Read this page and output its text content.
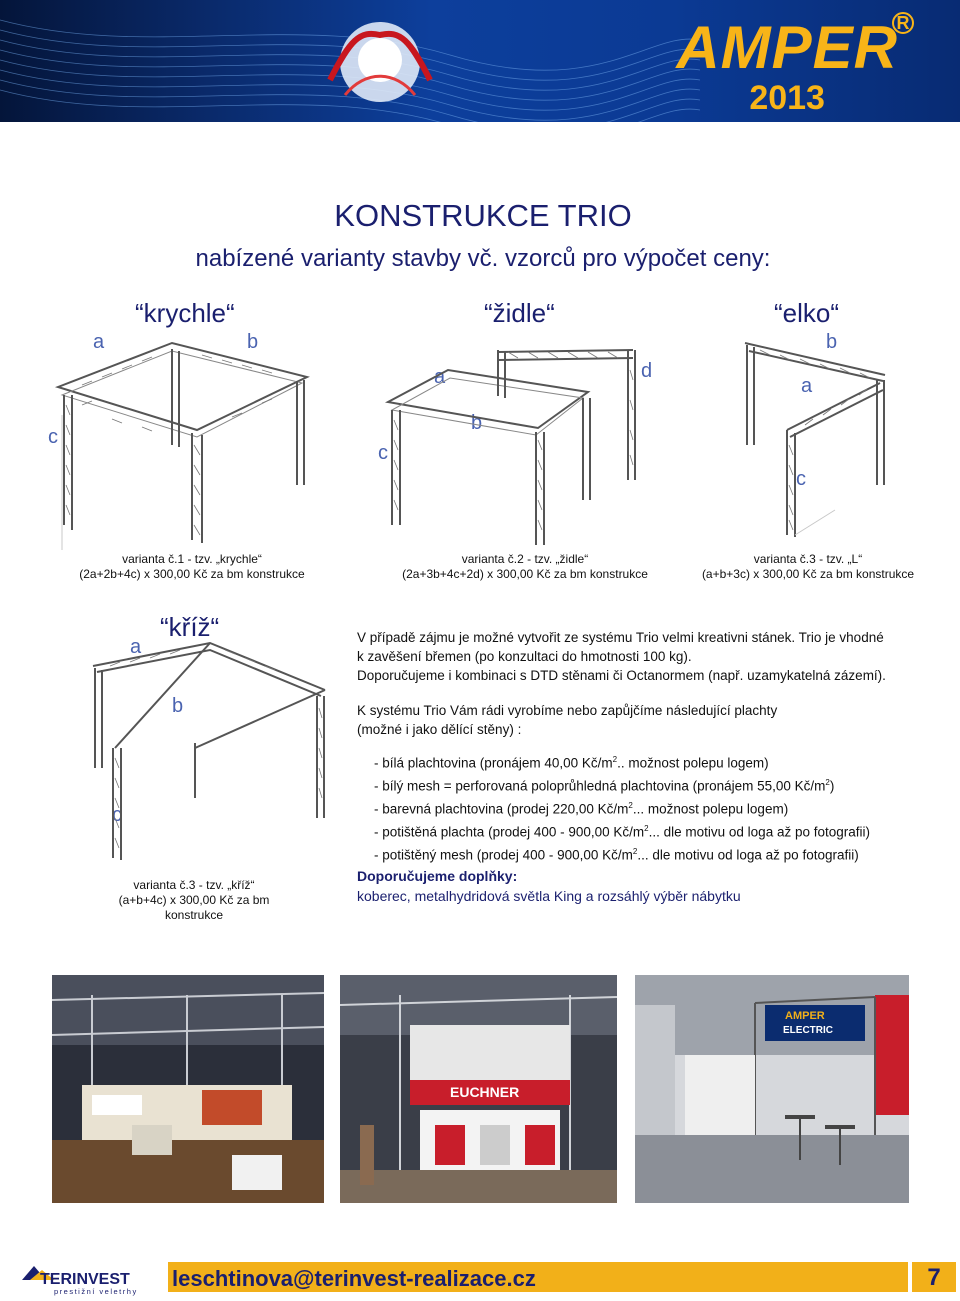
AMPER
2013
R
KONSTRUKCE TRIO
nabízené varianty stavby vč. vzorců pro výpočet ceny:
“krychle“
a	b
c
varianta č.1 - tzv. „krychle“
(2a+2b+4c) x 300,00 Kč za bm konstrukce
“židle“
a
b
c
d
varianta č.2 - tzv. „židle“
(2a+3b+4c+2d) x 300,00 Kč za bm konstrukce
“elko“
b
a
c
varianta č.3 - tzv. „L“
(a+b+3c) x 300,00 Kč za bm konstrukce
“kříž“
a
b
c
varianta č.3 - tzv. „kříž“
(a+b+4c) x 300,00 Kč za bm konstrukce
V případě zájmu je možné vytvořit ze systému Trio velmi kreativni stánek. Trio je vhodné
k zavěšení břemen (po konzultaci do hmotnosti 100 kg).
Doporučujeme i kombinaci s DTD stěnami či Octanormem (např. uzamykatelná zázemí).
K systému Trio Vám rádi vyrobíme nebo zapůjčíme následující plachty
(možné i jako dělící stěny) :
- bílá plachtovina (pronájem 40,00 $Kč/m^2$.. možnost polepu logem)
- bílý mesh = perforovaná poloprůhledná plachtovina (pronájem 55,00 $Kč/m^2$)
- barevná plachtovina (prodej 220,00 $Kč/m^2$... možnost polepu logem)
- potištěná plachta (prodej 400 - 900,00 $Kč/m^2$... dle motivu od loga až po fotografii)
- potištěný mesh (prodej 400 - 900,00 $Kč/m^2$... dle motivu od loga až po fotografii)
Doporučujeme doplňky:
koberec, metalhydridová světla King a rozsáhlý výběr nábytku
EUCHNER
AMPER
ELECTRIC
TERINVEST
prestižní veletrhy
leschtinova@terinvest-realizace.cz	7
